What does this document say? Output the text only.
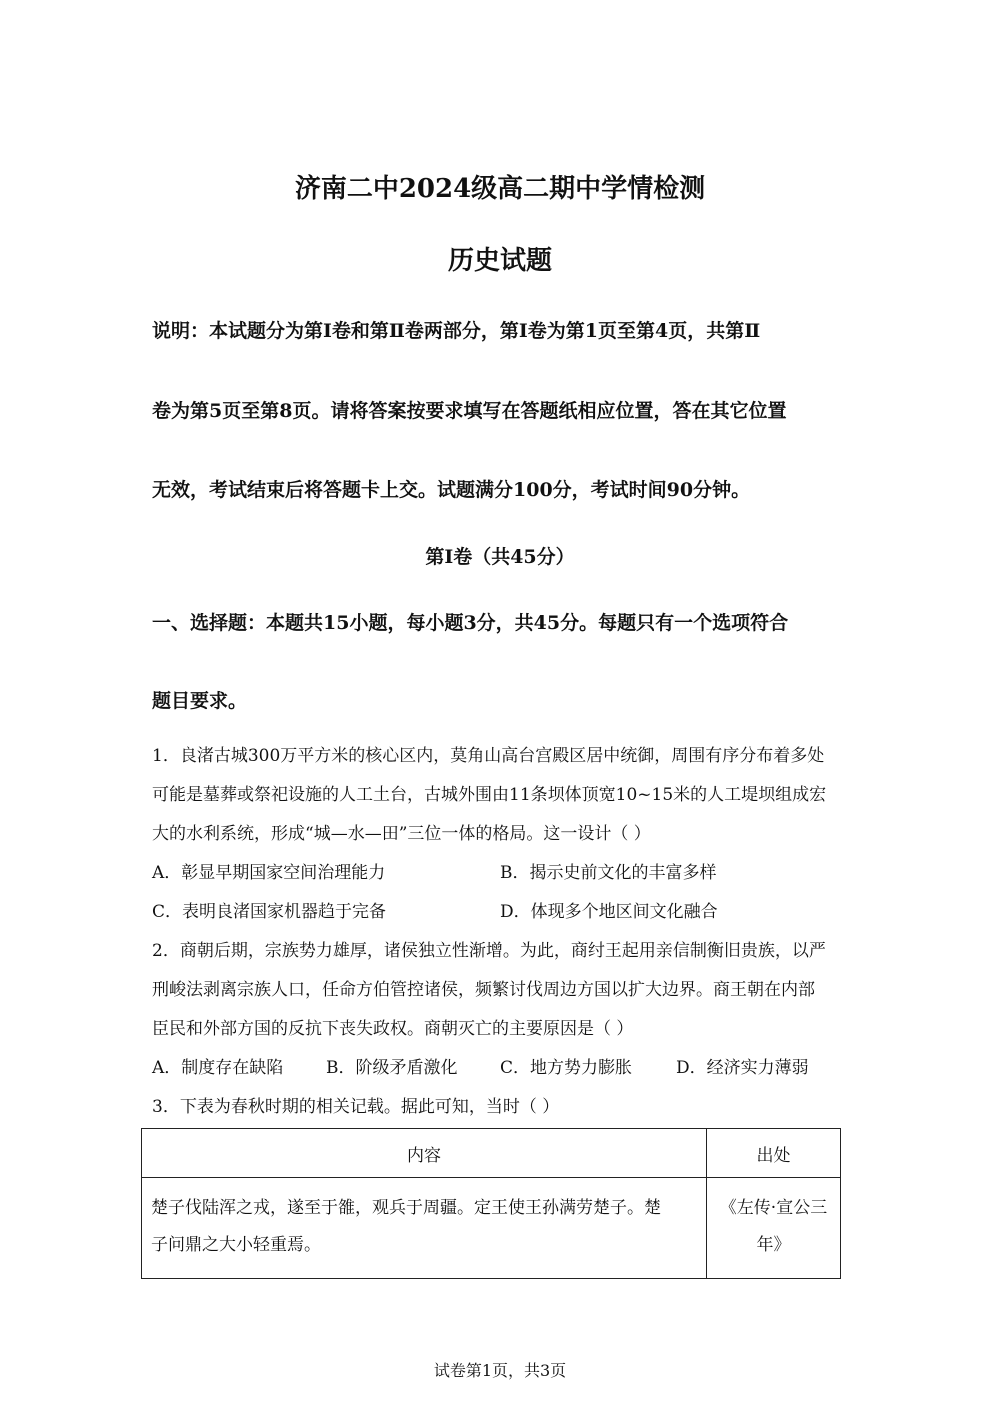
济南二中2024级高二期中学情检测
历史试题
说明：本试题分为第Ⅰ卷和第Ⅱ卷两部分，第Ⅰ卷为第1页至第4页，共第Ⅱ
卷为第5页至第8页。请将答案按要求填写在答题纸相应位置，答在其它位置
无效，考试结束后将答题卡上交。试题满分100分，考试时间90分钟。
第Ⅰ卷（共45分）
一、选择题：本题共15小题，每小题3分，共45分。每题只有一个选项符合
题目要求。
1．良渚古城300万平方米的核心区内，莫角山高台宫殿区居中统御，周围有序分布着多处
可能是墓葬或祭祀设施的人工土台，古城外围由11条坝体顶宽10~15米的人工堤坝组成宏
大的水利系统，形成“城—水—田”三位一体的格局。这一设计（ ）
A．彰显早期国家空间治理能力	B．揭示史前文化的丰富多样
C．表明良渚国家机器趋于完备	D．体现多个地区间文化融合
2．商朝后期，宗族势力雄厚，诸侯独立性渐增。为此，商纣王起用亲信制衡旧贵族，以严
刑峻法剥离宗族人口，任命方伯管控诸侯，频繁讨伐周边方国以扩大边界。商王朝在内部
臣民和外部方国的反抗下丧失政权。商朝灭亡的主要原因是（ ）
A．制度存在缺陷	B．阶级矛盾激化	C．地方势力膨胀	D．经济实力薄弱
3．下表为春秋时期的相关记载。据此可知，当时（ ）
内容	出处
楚子伐陆浑之戎，遂至于雒，观兵于周疆。定王使王孙满劳楚子。楚
子问鼎之大小轻重焉。	《左传·宣公三
年》
试卷第1页，共3页
